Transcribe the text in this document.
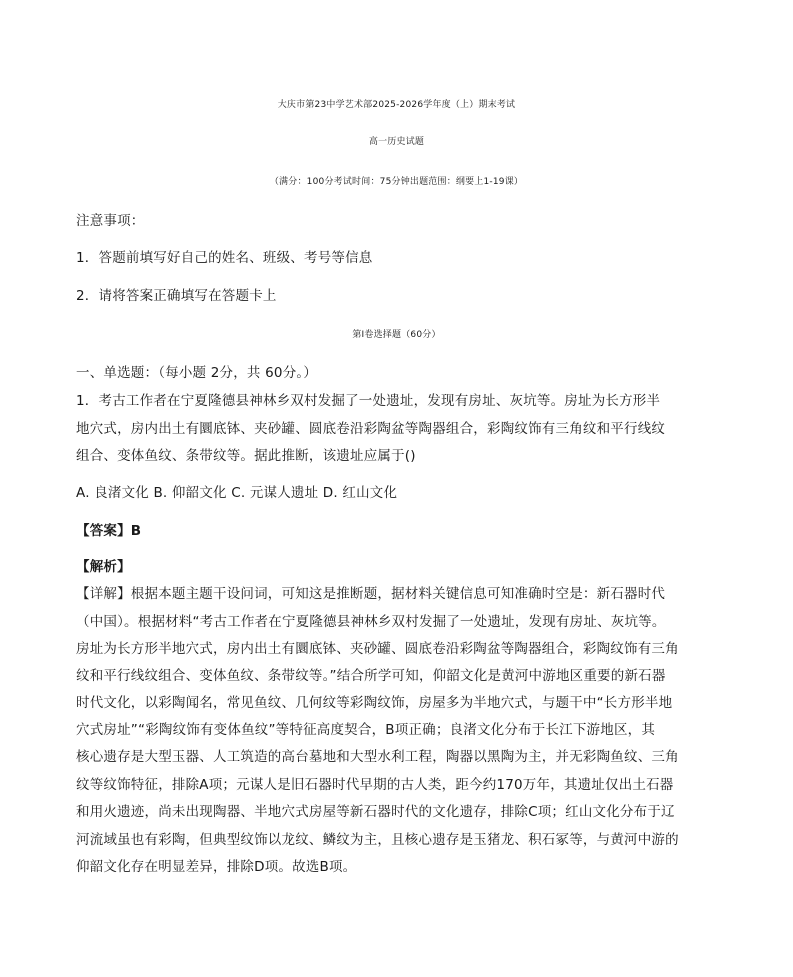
大庆市第23中学艺术部2025-2026学年度（上）期末考试
高一历史试题
（满分：100分考试时间：75分钟出题范围：纲要上1-19课）
注意事项：
1．答题前填写好自己的姓名、班级、考号等信息
2．请将答案正确填写在答题卡上
第I卷选择题（60分）
一、单选题：（每小题 2分，共 60分。）
1．考古工作者在宁夏隆德县神林乡双村发掘了一处遗址，发现有房址、灰坑等。房址为长方形半
地穴式，房内出土有圜底钵、夹砂罐、圆底卷沿彩陶盆等陶器组合，彩陶纹饰有三角纹和平行线纹
组合、变体鱼纹、条带纹等。据此推断，该遗址应属于()
A. 良渚文化 B. 仰韶文化 C. 元谋人遗址 D. 红山文化
【答案】B
【解析】
【详解】根据本题主题干设问词，可知这是推断题，据材料关键信息可知准确时空是：新石器时代
（中国）。根据材料“考古工作者在宁夏隆德县神林乡双村发掘了一处遗址，发现有房址、灰坑等。
房址为长方形半地穴式，房内出土有圜底钵、夹砂罐、圆底卷沿彩陶盆等陶器组合，彩陶纹饰有三角
纹和平行线纹组合、变体鱼纹、条带纹等。”结合所学可知，仰韶文化是黄河中游地区重要的新石器
时代文化，以彩陶闻名，常见鱼纹、几何纹等彩陶纹饰，房屋多为半地穴式，与题干中“长方形半地
穴式房址”“彩陶纹饰有变体鱼纹”等特征高度契合，B项正确；良渚文化分布于长江下游地区，其
核心遗存是大型玉器、人工筑造的高台墓地和大型水利工程，陶器以黑陶为主，并无彩陶鱼纹、三角
纹等纹饰特征，排除A项；元谋人是旧石器时代早期的古人类，距今约170万年，其遗址仅出土石器
和用火遗迹，尚未出现陶器、半地穴式房屋等新石器时代的文化遗存，排除C项；红山文化分布于辽
河流域虽也有彩陶，但典型纹饰以龙纹、鳞纹为主，且核心遗存是玉猪龙、积石冢等，与黄河中游的
仰韶文化存在明显差异，排除D项。故选B项。
